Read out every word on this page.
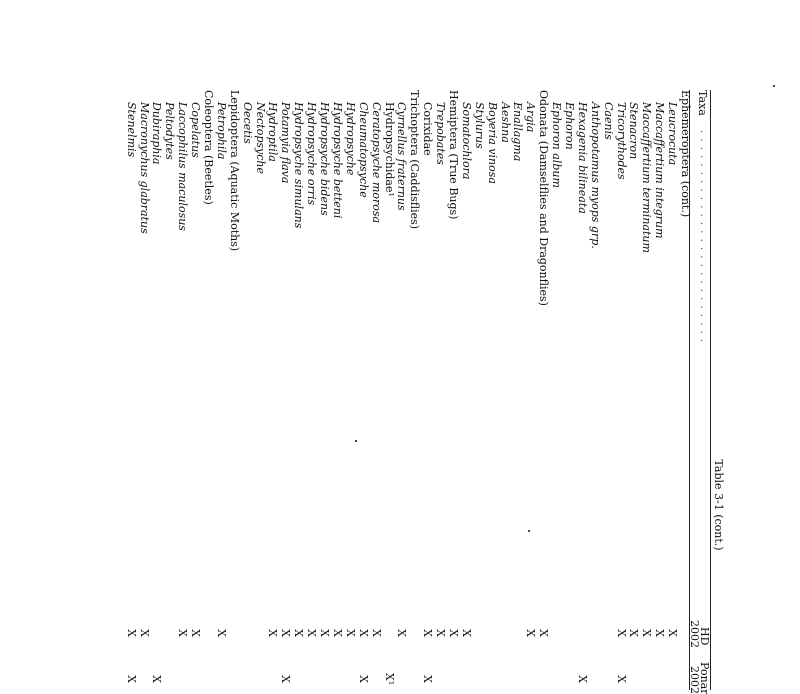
Table 3-1 (cont.)
Taxa
. . . . . . . . . . . . . . . . . . . . . . . . . .
HD
Ponar
2002
2002
Ephemeroptera (cont.)
Leucrocuta
X
Maccaffertium integrum
X
Maccaffertium terminatum
X
Stenacron
X
Tricorythodes
X
X
Caenis
Anthopotamus myops grp.
Hexagenia bilineata
X
Ephoron
Ephoron album
Odonata (Damselflies and Dragonflies)
X
Argia
X
Enallagma
Aeshna
Boyeria vinosa
Stylurus
Somatochlora
X
Hemiptera (True Bugs)
X
Trepobates
X
Corixidae
X
X
Trichoptera (Caddisflies)
Cyrnellus fraternus
X
Hydropsychidae¹
X¹
Ceratopsyche morosa
X
Cheumatopsyche
X
X
Hydropsyche
X
Hydropsyche betteni
X
Hydropsyche bidens
X
Hydropsyche orris
X
Hydropsyche simulans
X
Potamyia flava
X
X
Hydroptila
X
Nectopsyche
Oecetis
Lepidoptera (Aquatic Moths)
Petrophila
X
Coleoptera (Beetles)
Copelatus
X
Laccophilus maculosus
X
Peltodytes
Dubiraphia
X
Macronychus glabratus
X
Stenelmis
X
X
